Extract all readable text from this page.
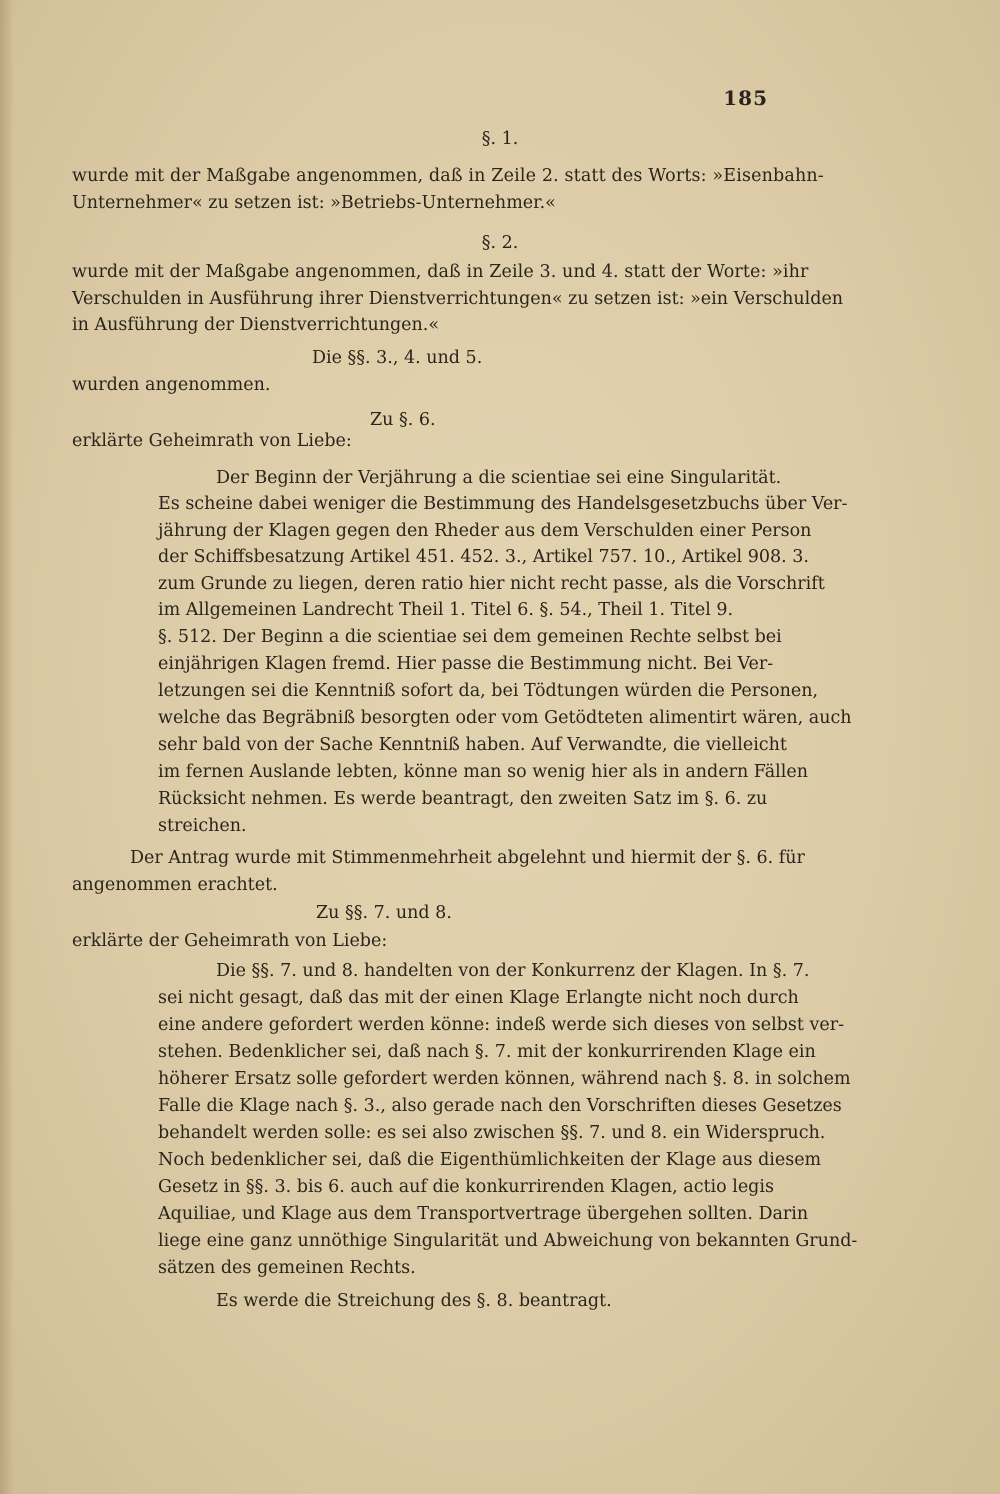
185
§. 1.
wurde mit der Maßgabe angenommen, daß in Zeile 2. statt des Worts: »Eisenbahn-
Unternehmer« zu setzen ist: »Betriebs-Unternehmer.«
§. 2.
wurde mit der Maßgabe angenommen, daß in Zeile 3. und 4. statt der Worte: »ihr
Verschulden in Ausführung ihrer Dienstverrichtungen« zu setzen ist: »ein Verschulden
in Ausführung der Dienstverrichtungen.«
Die §§. 3., 4. und 5.
wurden angenommen.
Zu §. 6.
erklärte Geheimrath von Liebe:
Der Beginn der Verjährung a die scientiae sei eine Singularität.
Es scheine dabei weniger die Bestimmung des Handelsgesetzbuchs über Ver-
jährung der Klagen gegen den Rheder aus dem Verschulden einer Person
der Schiffsbesatzung Artikel 451. 452. 3., Artikel 757. 10., Artikel 908. 3.
zum Grunde zu liegen, deren ratio hier nicht recht passe, als die Vorschrift
im Allgemeinen Landrecht Theil 1. Titel 6. §. 54., Theil 1. Titel 9.
§. 512. Der Beginn a die scientiae sei dem gemeinen Rechte selbst bei
einjährigen Klagen fremd. Hier passe die Bestimmung nicht. Bei Ver-
letzungen sei die Kenntniß sofort da, bei Tödtungen würden die Personen,
welche das Begräbniß besorgten oder vom Getödteten alimentirt wären, auch
sehr bald von der Sache Kenntniß haben. Auf Verwandte, die vielleicht
im fernen Auslande lebten, könne man so wenig hier als in andern Fällen
Rücksicht nehmen. Es werde beantragt, den zweiten Satz im §. 6. zu
streichen.
Der Antrag wurde mit Stimmenmehrheit abgelehnt und hiermit der §. 6. für
angenommen erachtet.
Zu §§. 7. und 8.
erklärte der Geheimrath von Liebe:
Die §§. 7. und 8. handelten von der Konkurrenz der Klagen. In §. 7.
sei nicht gesagt, daß das mit der einen Klage Erlangte nicht noch durch
eine andere gefordert werden könne: indeß werde sich dieses von selbst ver-
stehen. Bedenklicher sei, daß nach §. 7. mit der konkurrirenden Klage ein
höherer Ersatz solle gefordert werden können, während nach §. 8. in solchem
Falle die Klage nach §. 3., also gerade nach den Vorschriften dieses Gesetzes
behandelt werden solle: es sei also zwischen §§. 7. und 8. ein Widerspruch.
Noch bedenklicher sei, daß die Eigenthümlichkeiten der Klage aus diesem
Gesetz in §§. 3. bis 6. auch auf die konkurrirenden Klagen, actio legis
Aquiliae, und Klage aus dem Transportvertrage übergehen sollten. Darin
liege eine ganz unnöthige Singularität und Abweichung von bekannten Grund-
sätzen des gemeinen Rechts.
Es werde die Streichung des §. 8. beantragt.
